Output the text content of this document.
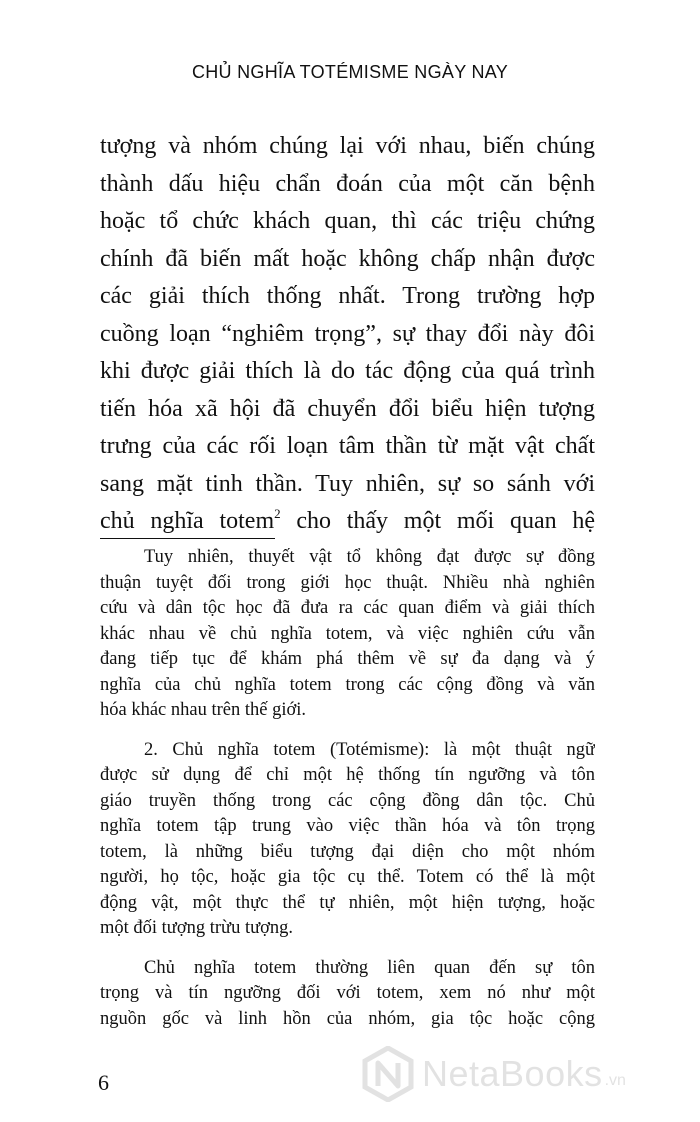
CHỦ NGHĨA TOTÉMISME NGÀY NAY
tượng và nhóm chúng lại với nhau, biến chúng
thành dấu hiệu chẩn đoán của một căn bệnh
hoặc tổ chức khách quan, thì các triệu chứng
chính đã biến mất hoặc không chấp nhận được
các giải thích thống nhất. Trong trường hợp
cuồng loạn “nghiêm trọng”, sự thay đổi này đôi
khi được giải thích là do tác động của quá trình
tiến hóa xã hội đã chuyển đổi biểu hiện tượng
trưng của các rối loạn tâm thần từ mặt vật chất
sang mặt tinh thần. Tuy nhiên, sự so sánh với
chủ nghĩa totem$^2$ cho thấy một mối quan hệ
Tuy nhiên, thuyết vật tổ không đạt được sự đồng
thuận tuyệt đối trong giới học thuật. Nhiều nhà nghiên
cứu và dân tộc học đã đưa ra các quan điểm và giải thích
khác nhau về chủ nghĩa totem, và việc nghiên cứu vẫn
đang tiếp tục để khám phá thêm về sự đa dạng và ý
nghĩa của chủ nghĩa totem trong các cộng đồng và văn
hóa khác nhau trên thế giới.
2. Chủ nghĩa totem (Totémisme): là một thuật ngữ
được sử dụng để chỉ một hệ thống tín ngưỡng và tôn
giáo truyền thống trong các cộng đồng dân tộc. Chủ
nghĩa totem tập trung vào việc thần hóa và tôn trọng
totem, là những biểu tượng đại diện cho một nhóm
người, họ tộc, hoặc gia tộc cụ thể. Totem có thể là một
động vật, một thực thể tự nhiên, một hiện tượng, hoặc
một đối tượng trừu tượng.
Chủ nghĩa totem thường liên quan đến sự tôn
trọng và tín ngưỡng đối với totem, xem nó như một
nguồn gốc và linh hồn của nhóm, gia tộc hoặc cộng
6	NetaBooks .vn
